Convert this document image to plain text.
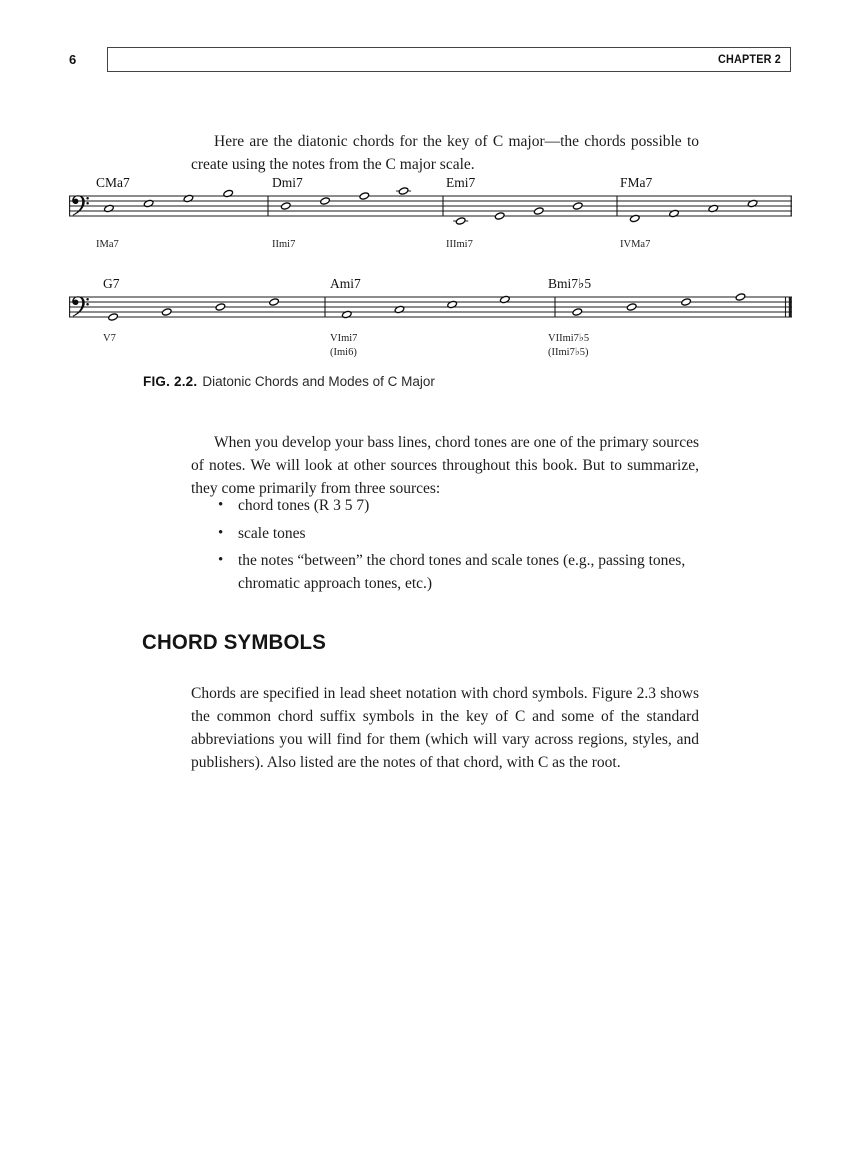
6	CHAPTER 2

Here are the diatonic chords for the key of C major—the chords possible to create using the notes from the C major scale.

CMa7
IMa7
Dmi7
IImi7
Emi7
IIImi7
FMa7
IVMa7
G7
V7
Ami7
VImi7
(Imi6)
Bmi7♭5
VIImi7♭5
(IImi7♭5)
FIG. 2.2. Diatonic Chords and Modes of C Major

When you develop your bass lines, chord tones are one of the primary sources of notes. We will look at other sources throughout this book. But to summarize, they come primarily from three sources:

• chord tones (R 3 5 7)
• scale tones
• the notes “between” the chord tones and scale tones (e.g., passing tones, chromatic approach tones, etc.)
CHORD SYMBOLS

Chords are specified in lead sheet notation with chord symbols. Figure 2.3 shows the common chord suffix symbols in the key of C and some of the standard abbreviations you will find for them (which will vary across regions, styles, and publishers). Also listed are the notes of that chord, with C as the root.
